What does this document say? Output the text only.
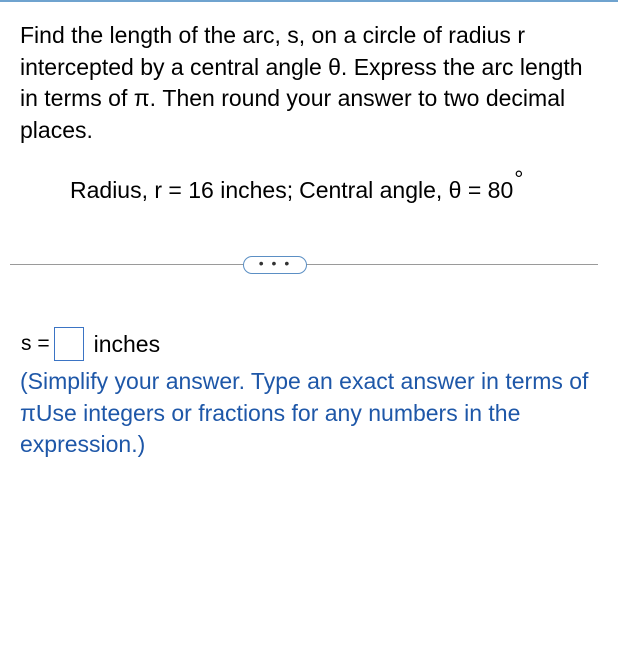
Find the length of the arc, s, on a circle of radius r intercepted by a central angle θ. Express the arc length in terms of π. Then round your answer to two decimal places.

Radius, r = 16 inches; Central angle, θ = 80°
• • •
s = inches

(Simplify your answer. Type an exact answer in terms of πUse integers or fractions for any numbers in the expression.)
